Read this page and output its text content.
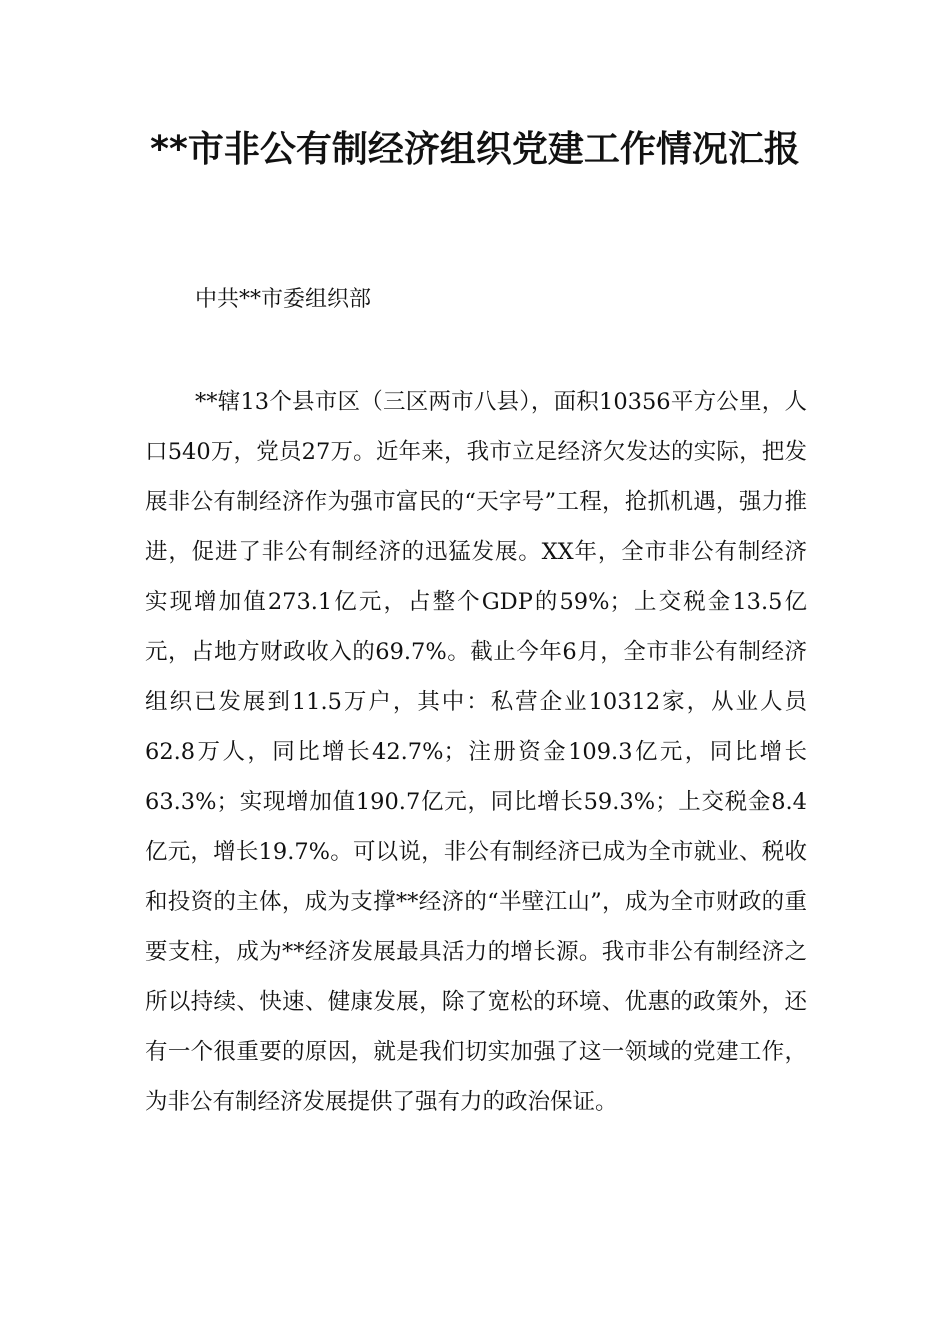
**市非公有制经济组织党建工作情况汇报

中共**市委组织部

**辖13个县市区（三区两市八县），面积10356平方公里，人口540万，党员27万。近年来，我市立足经济欠发达的实际，把发展非公有制经济作为强市富民的“天字号”工程，抢抓机遇，强力推进，促进了非公有制经济的迅猛发展。XX年，全市非公有制经济实现增加值273.1亿元，占整个GDP的59%；上交税金13.5亿元，占地方财政收入的69.7%。截止今年6月，全市非公有制经济组织已发展到11.5万户，其中：私营企业10312家，从业人员62.8万人，同比增长42.7%；注册资金109.3亿元，同比增长63.3%；实现增加值190.7亿元，同比增长59.3%；上交税金8.4亿元，增长19.7%。可以说，非公有制经济已成为全市就业、税收和投资的主体，成为支撑**经济的“半壁江山”，成为全市财政的重要支柱，成为**经济发展最具活力的增长源。我市非公有制经济之所以持续、快速、健康发展，除了宽松的环境、优惠的政策外，还有一个很重要的原因，就是我们切实加强了这一领域的党建工作，为非公有制经济发展提供了强有力的政治保证。
